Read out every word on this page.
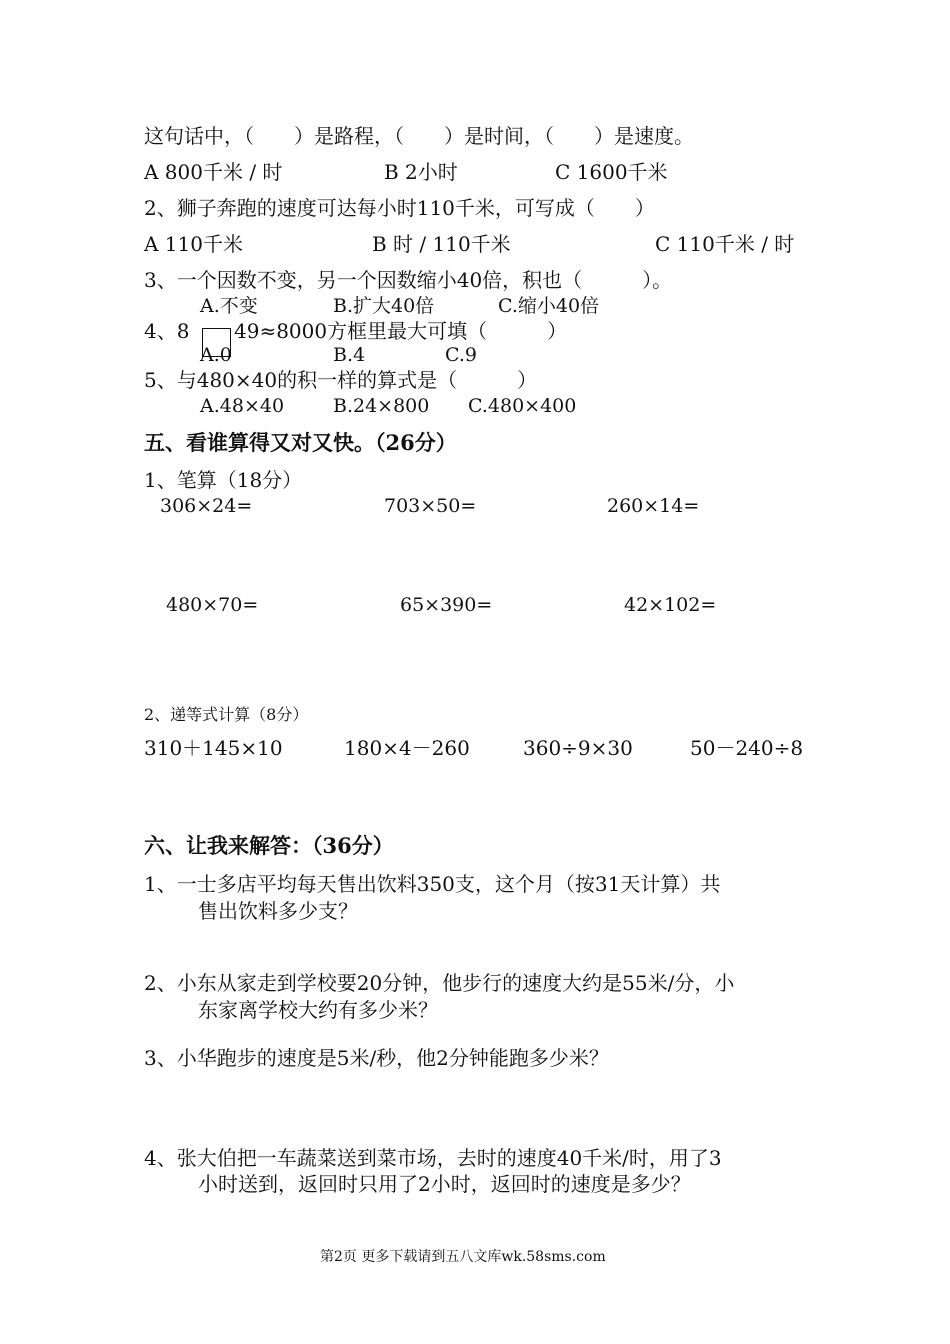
这句话中，（　　）是路程，（　　）是时间，（　　）是速度。
A 800千米 / 时	B 2小时	C 1600千米
2、狮子奔跑的速度可达每小时110千米，可写成（　　）
A 110千米	B 时 / 110千米	C 110千米 / 时
3、一个因数不变，另一个因数缩小40倍，积也（　　　）。
A.不变	B.扩大40倍	C.缩小40倍
4、8 49≈8000方框里最大可填（　　　）
A.0	B.4	C.9
5、与480×40的积一样的算式是（　　　）
A.48×40	B.24×800 C.480×400
五、看谁算得又对又快。（26分）
1、笔算（18分）
306×24=	703×50=	260×14=
480×70=	65×390=	42×102=
2、递等式计算（8分）
310＋145×10	180×4－260	360÷9×30	50－240÷8
六、让我来解答：（36分）
1、一士多店平均每天售出饮料350支，这个月（按31天计算）共
售出饮料多少支？
2、小东从家走到学校要20分钟，他步行的速度大约是55米/分，小
东家离学校大约有多少米？
3、小华跑步的速度是5米/秒，他2分钟能跑多少米？
4、张大伯把一车蔬菜送到菜市场，去时的速度40千米/时，用了3
小时送到，返回时只用了2小时，返回时的速度是多少？
第2页 更多下载请到五八文库wk.58sms.com
